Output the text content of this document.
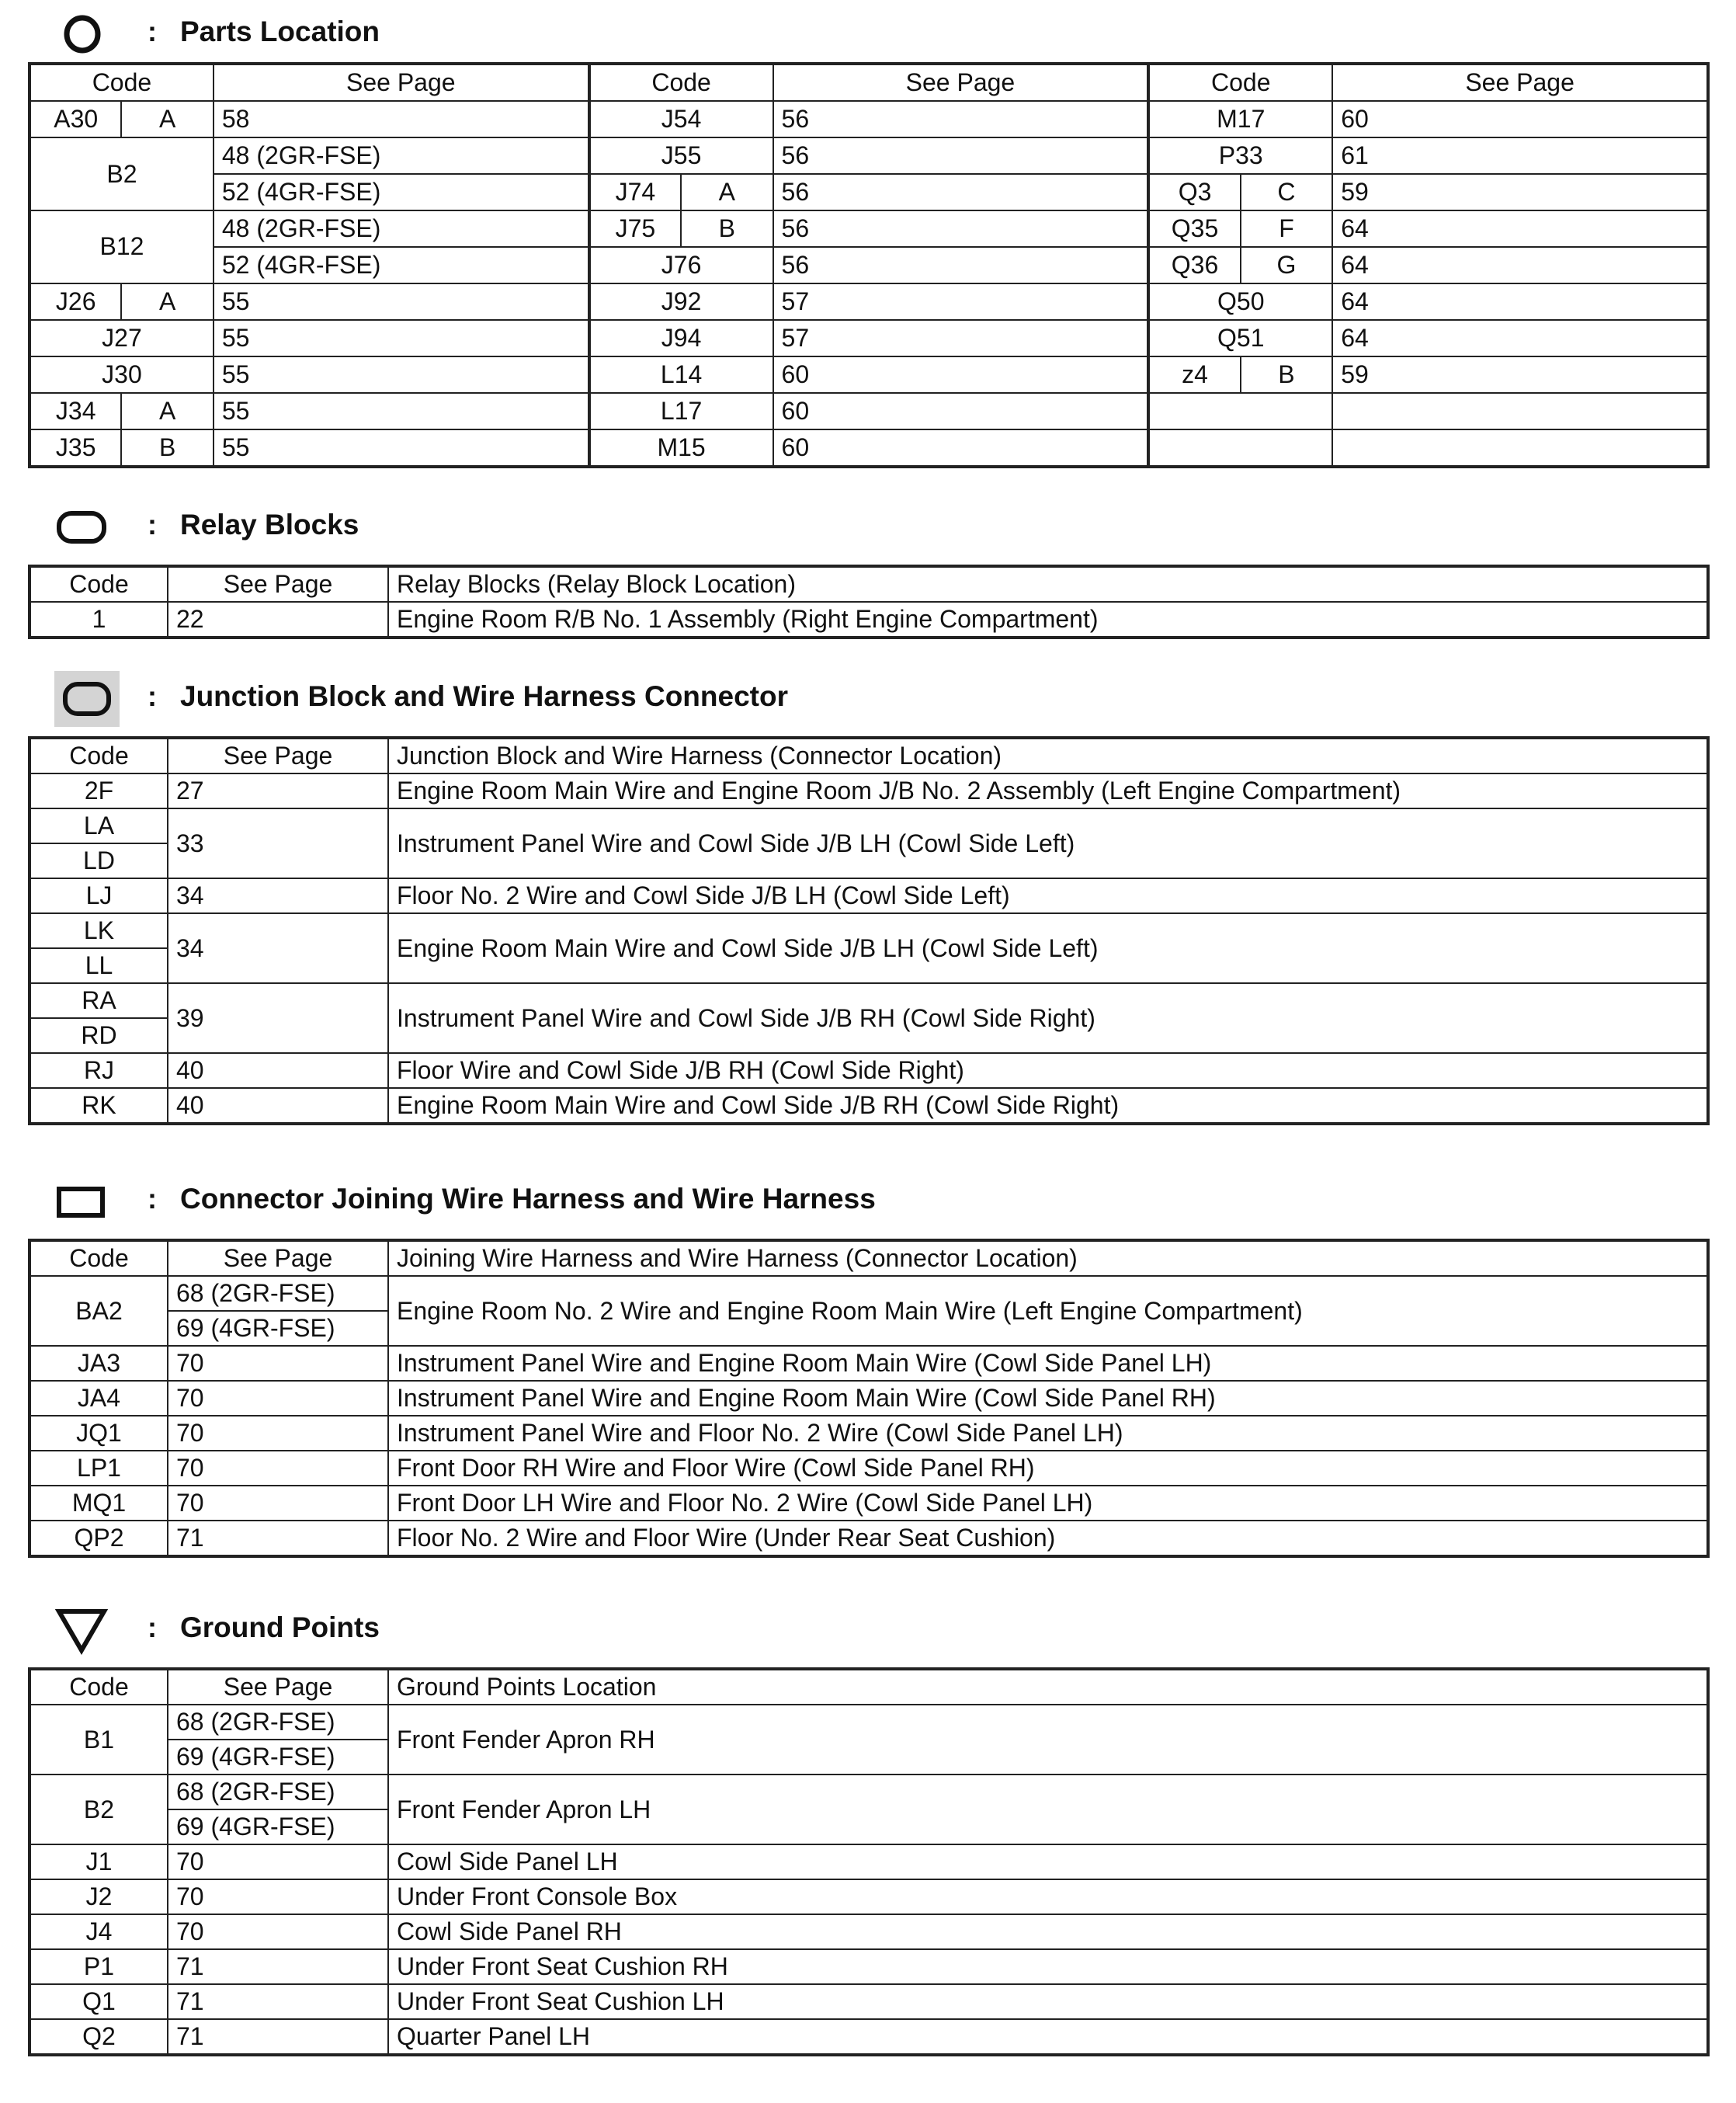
: Parts Location
Code		See Page	Code		See Page	Code		See Page
A30	A	58	J54		56	M17		60
B2		48 (2GR-FSE)	J55		56	P33		61
		52 (4GR-FSE)	J74	A	56	Q3	C	59
B12		48 (2GR-FSE)	J75	B	56	Q35	F	64
		52 (4GR-FSE)	J76		56	Q36	G	64
J26	A	55	J92		57	Q50		64
J27		55	J94		57	Q51		64
J30		55	L14		60	z4	B	59
J34	A	55	L17		60			
J35	B	55	M15		60			
: Relay Blocks
Code	See Page	Relay Blocks (Relay Block Location)
1	22	Engine Room R/B No. 1 Assembly (Right Engine Compartment)
: Junction Block and Wire Harness Connector
Code	See Page	Junction Block and Wire Harness (Connector Location)
2F	27	Engine Room Main Wire and Engine Room J/B No. 2 Assembly (Left Engine Compartment)
LA	33	Instrument Panel Wire and Cowl Side J/B LH (Cowl Side Left)
LD		
LJ	34	Floor No. 2 Wire and Cowl Side J/B LH (Cowl Side Left)
LK	34	Engine Room Main Wire and Cowl Side J/B LH (Cowl Side Left)
LL		
RA	39	Instrument Panel Wire and Cowl Side J/B RH (Cowl Side Right)
RD		
RJ	40	Floor Wire and Cowl Side J/B RH (Cowl Side Right)
RK	40	Engine Room Main Wire and Cowl Side J/B RH (Cowl Side Right)
: Connector Joining Wire Harness and Wire Harness
Code	See Page	Joining Wire Harness and Wire Harness (Connector Location)
BA2	68 (2GR-FSE)	Engine Room No. 2 Wire and Engine Room Main Wire (Left Engine Compartment)
	69 (4GR-FSE)	
JA3	70	Instrument Panel Wire and Engine Room Main Wire (Cowl Side Panel LH)
JA4	70	Instrument Panel Wire and Engine Room Main Wire (Cowl Side Panel RH)
JQ1	70	Instrument Panel Wire and Floor No. 2 Wire (Cowl Side Panel LH)
LP1	70	Front Door RH Wire and Floor Wire (Cowl Side Panel RH)
MQ1	70	Front Door LH Wire and Floor No. 2 Wire (Cowl Side Panel LH)
QP2	71	Floor No. 2 Wire and Floor Wire (Under Rear Seat Cushion)
: Ground Points
Code	See Page	Ground Points Location
B1	68 (2GR-FSE)	Front Fender Apron RH
	69 (4GR-FSE)	
B2	68 (2GR-FSE)	Front Fender Apron LH
	69 (4GR-FSE)	
J1	70	Cowl Side Panel LH
J2	70	Under Front Console Box
J4	70	Cowl Side Panel RH
P1	71	Under Front Seat Cushion RH
Q1	71	Under Front Seat Cushion LH
Q2	71	Quarter Panel LH
